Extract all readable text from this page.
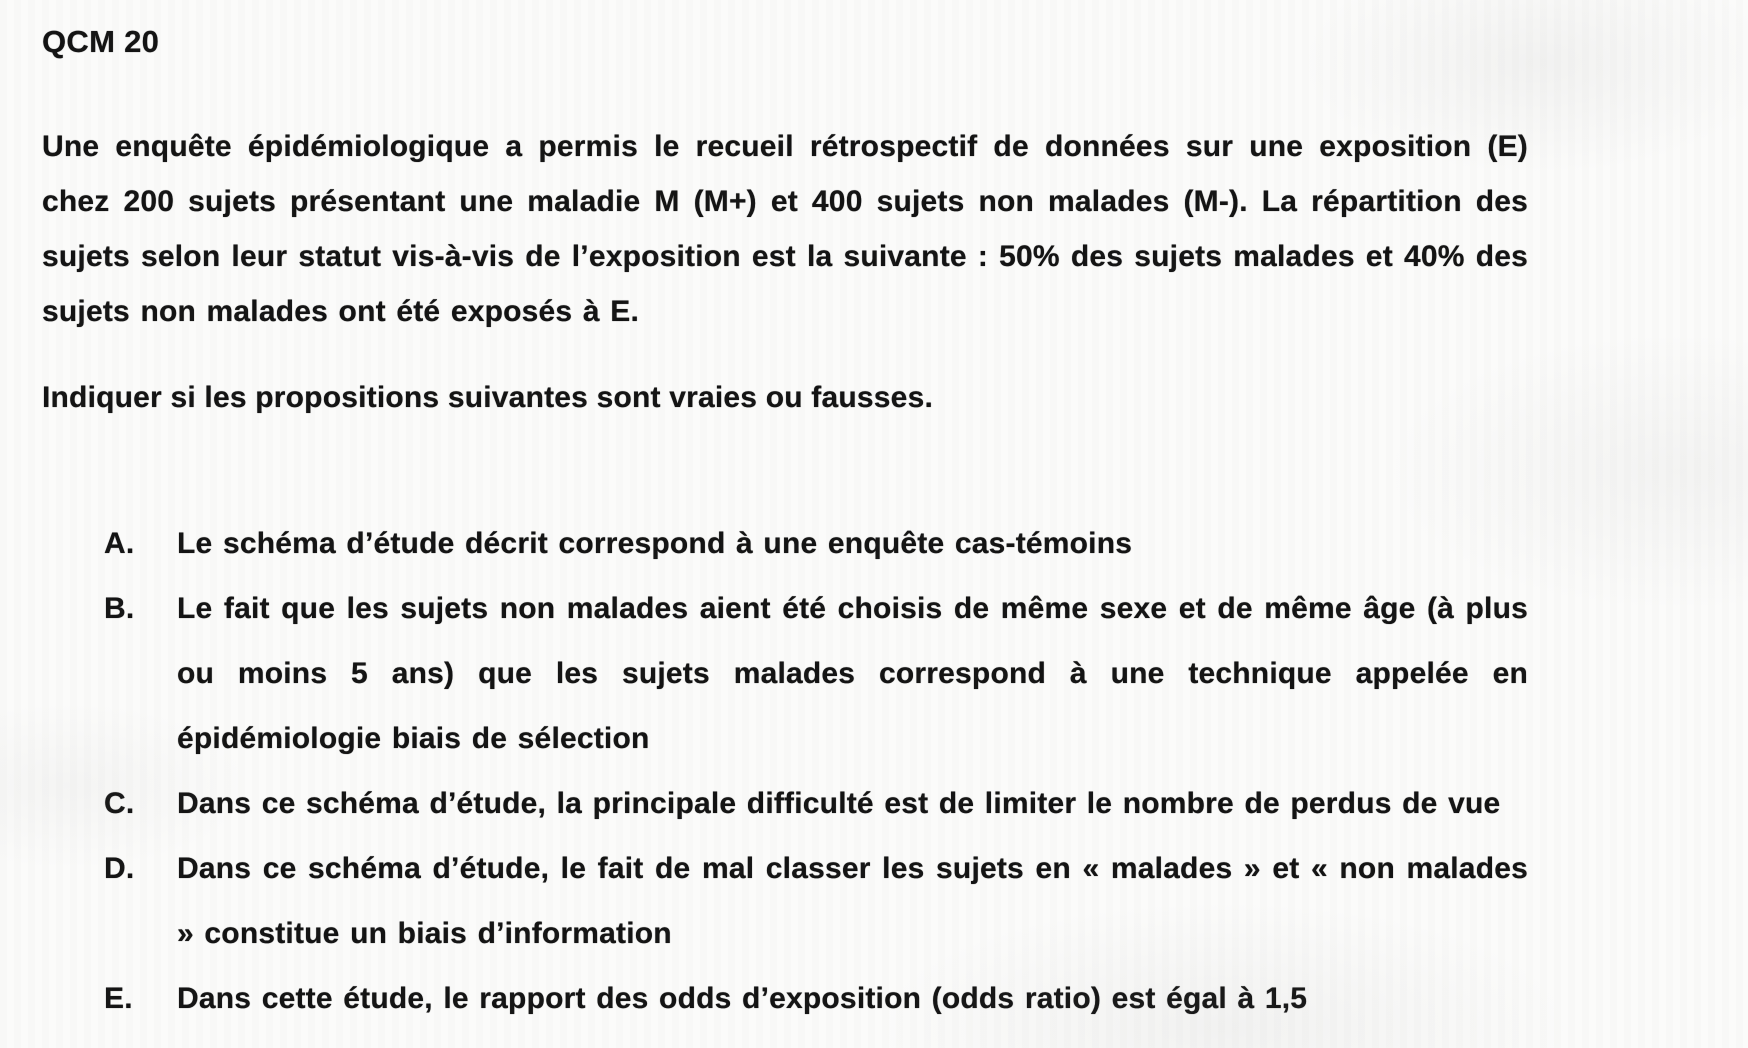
QCM 20

Une enquête épidémiologique a permis le recueil rétrospectif de données sur une exposition (E) chez 200 sujets présentant une maladie M (M+) et 400 sujets non malades (M-). La répartition des sujets selon leur statut vis-à-vis de l’exposition est la suivante : 50% des sujets malades et 40% des sujets non malades ont été exposés à E.

Indiquer si les propositions suivantes sont vraies ou fausses.

A.	Le schéma d’étude décrit correspond à une enquête cas-témoins
B.	Le fait que les sujets non malades aient été choisis de même sexe et de même âge (à plus ou moins 5 ans) que les sujets malades correspond à une technique appelée en épidémiologie biais de sélection
C.	Dans ce schéma d’étude, la principale difficulté est de limiter le nombre de perdus de vue
D.	Dans ce schéma d’étude, le fait de mal classer les sujets en « malades » et « non malades » constitue un biais d’information
E.	Dans cette étude, le rapport des odds d’exposition (odds ratio) est égal à 1,5
